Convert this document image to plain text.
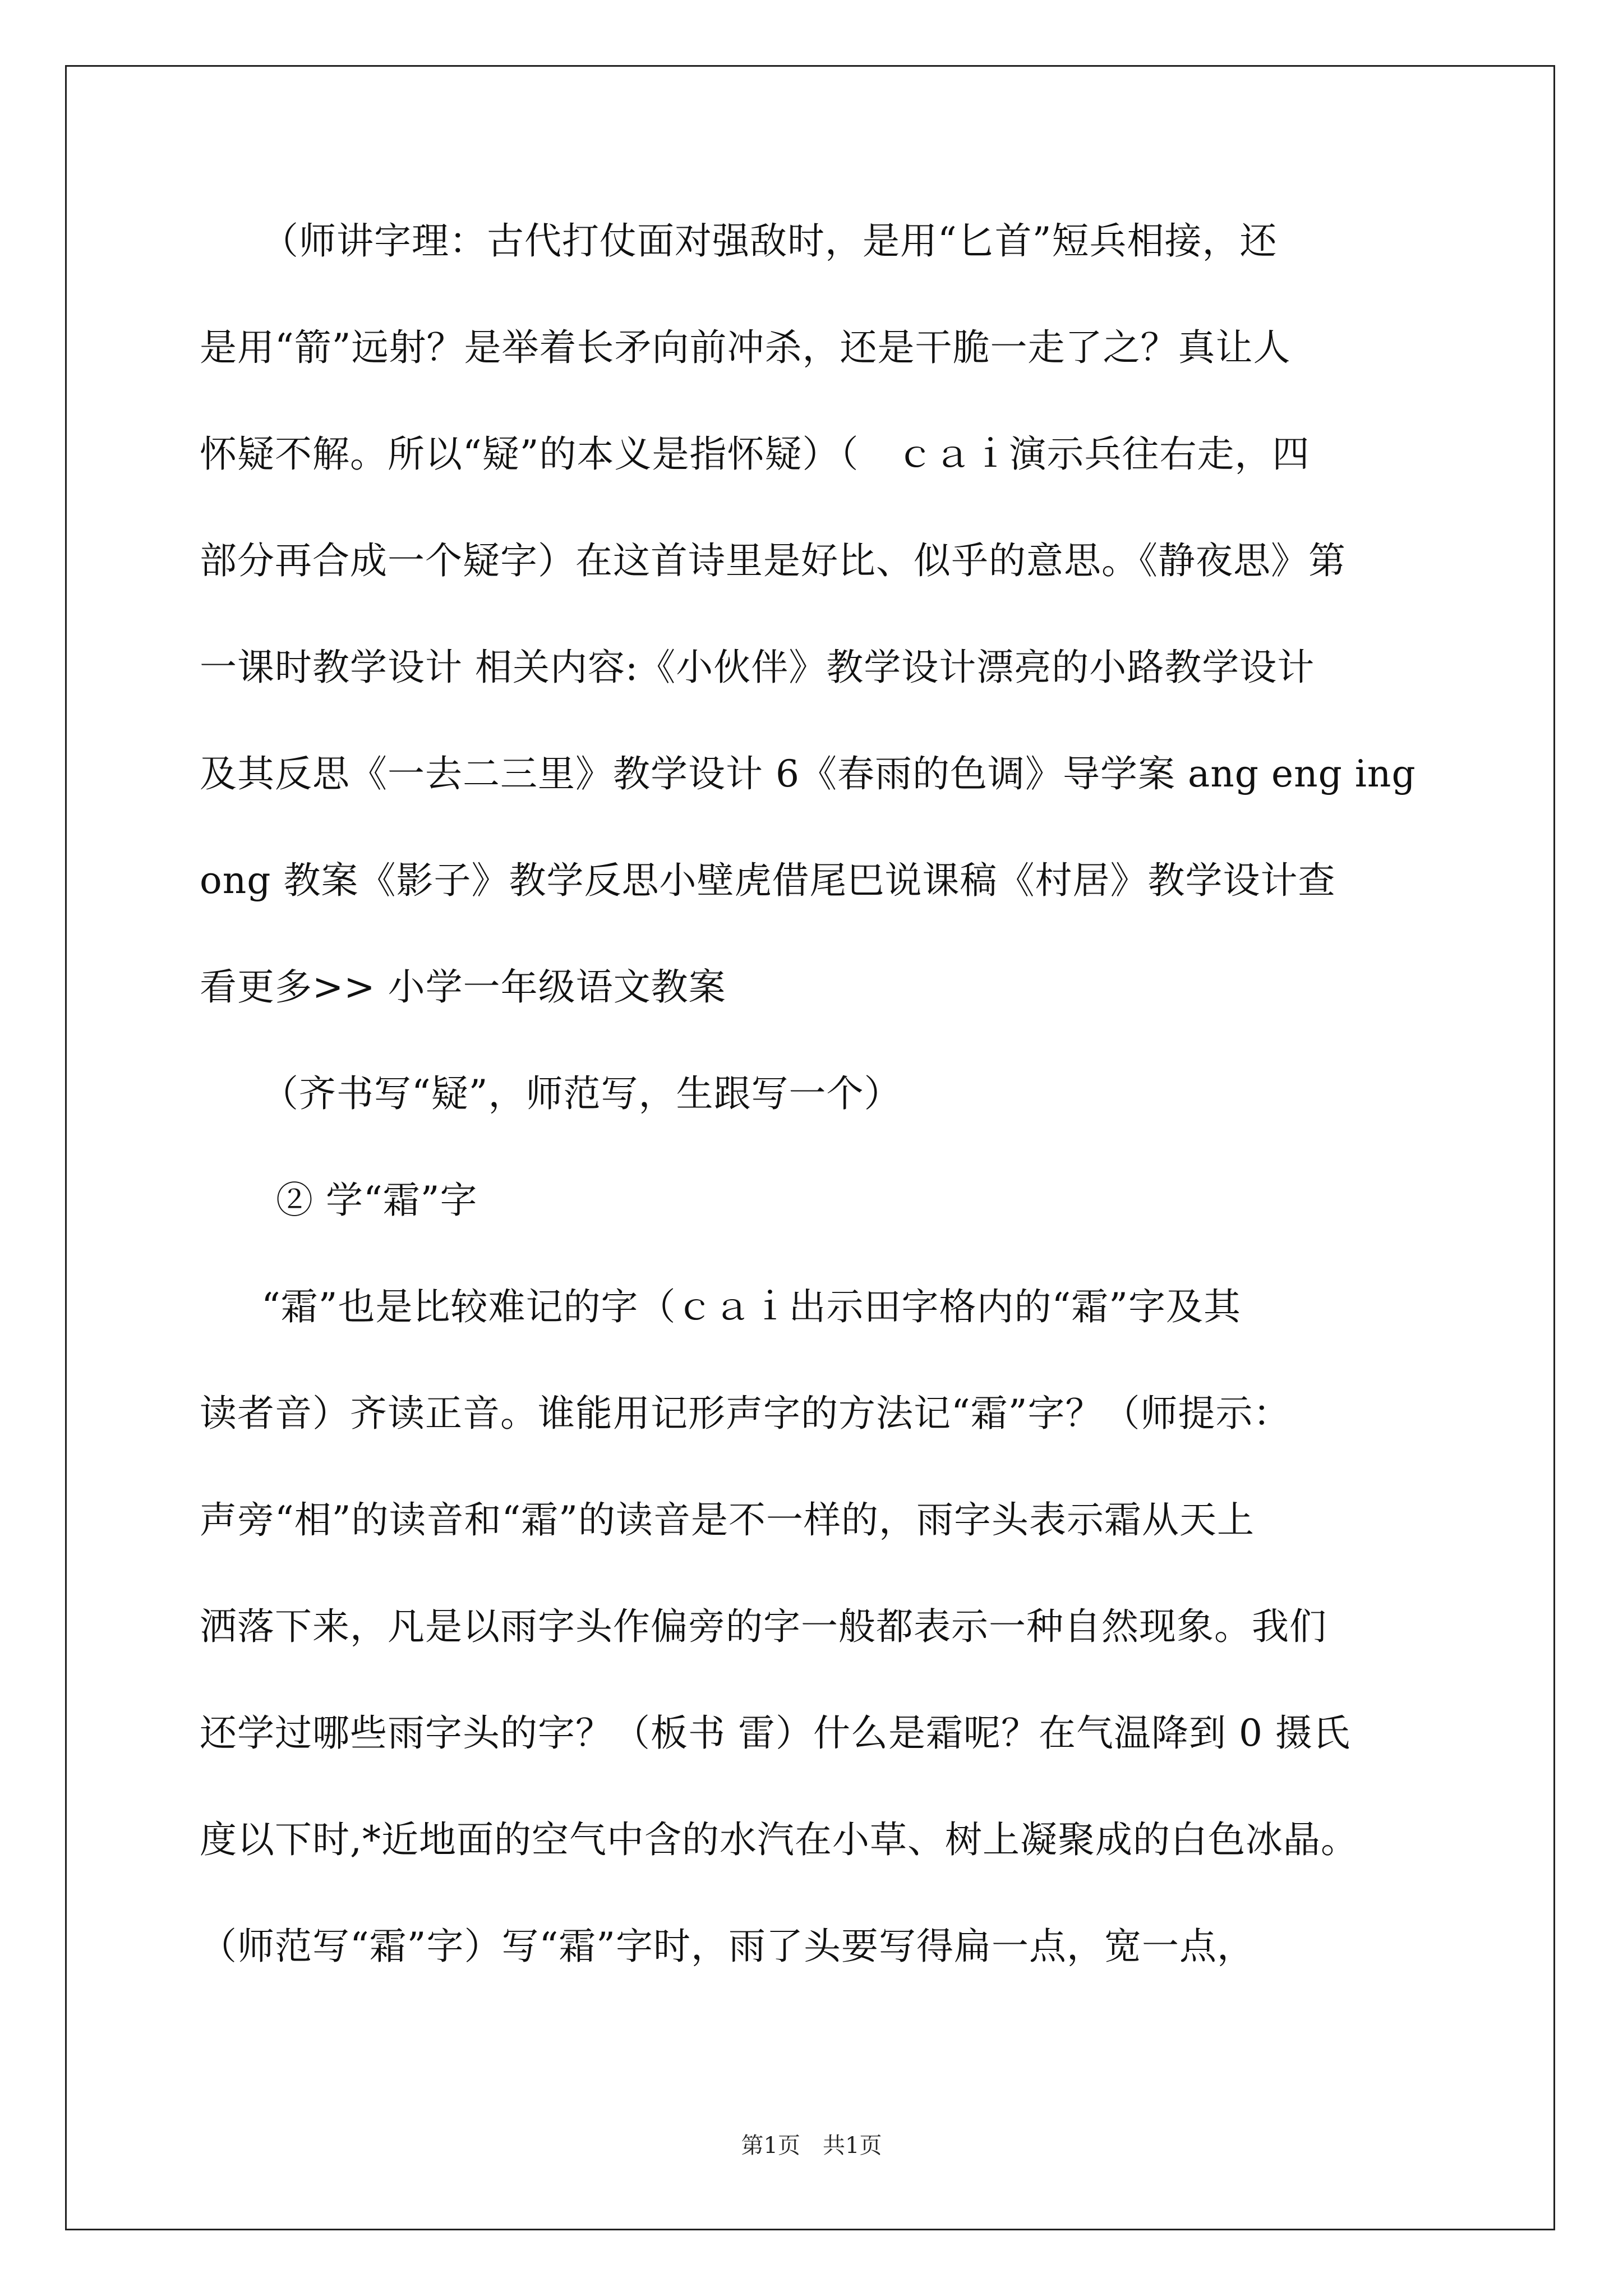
（师讲字理：古代打仗面对强敌时，是用“匕首”短兵相接，还
是用“箭”远射？是举着长矛向前冲杀，还是干脆一走了之？真让人
怀疑不解。所以“疑”的本义是指怀疑）（　ｃａｉ演示兵往右走，四
部分再合成一个疑字）在这首诗里是好比、似乎的意思。《静夜思》第
一课时教学设计 相关内容:《小伙伴》教学设计漂亮的小路教学设计
及其反思《一去二三里》教学设计 6《春雨的色调》导学案 ang eng ing
ong 教案《影子》教学反思小壁虎借尾巴说课稿《村居》教学设计查
看更多>> 小学一年级语文教案
（齐书写“疑”，师范写，生跟写一个）
② 学“霜”字
“霜”也是比较难记的字（ｃａｉ出示田字格内的“霜”字及其
读者音）齐读正音。谁能用记形声字的方法记“霜”字？（师提示：
声旁“相”的读音和“霜”的读音是不一样的，雨字头表示霜从天上
洒落下来，凡是以雨字头作偏旁的字一般都表示一种自然现象。我们
还学过哪些雨字头的字？（板书 雷）什么是霜呢？在气温降到 0 摄氏
度以下时,*近地面的空气中含的水汽在小草、树上凝聚成的白色冰晶。
（师范写“霜”字）写“霜”字时，雨了头要写得扁一点，宽一点，
第1页　共1页
